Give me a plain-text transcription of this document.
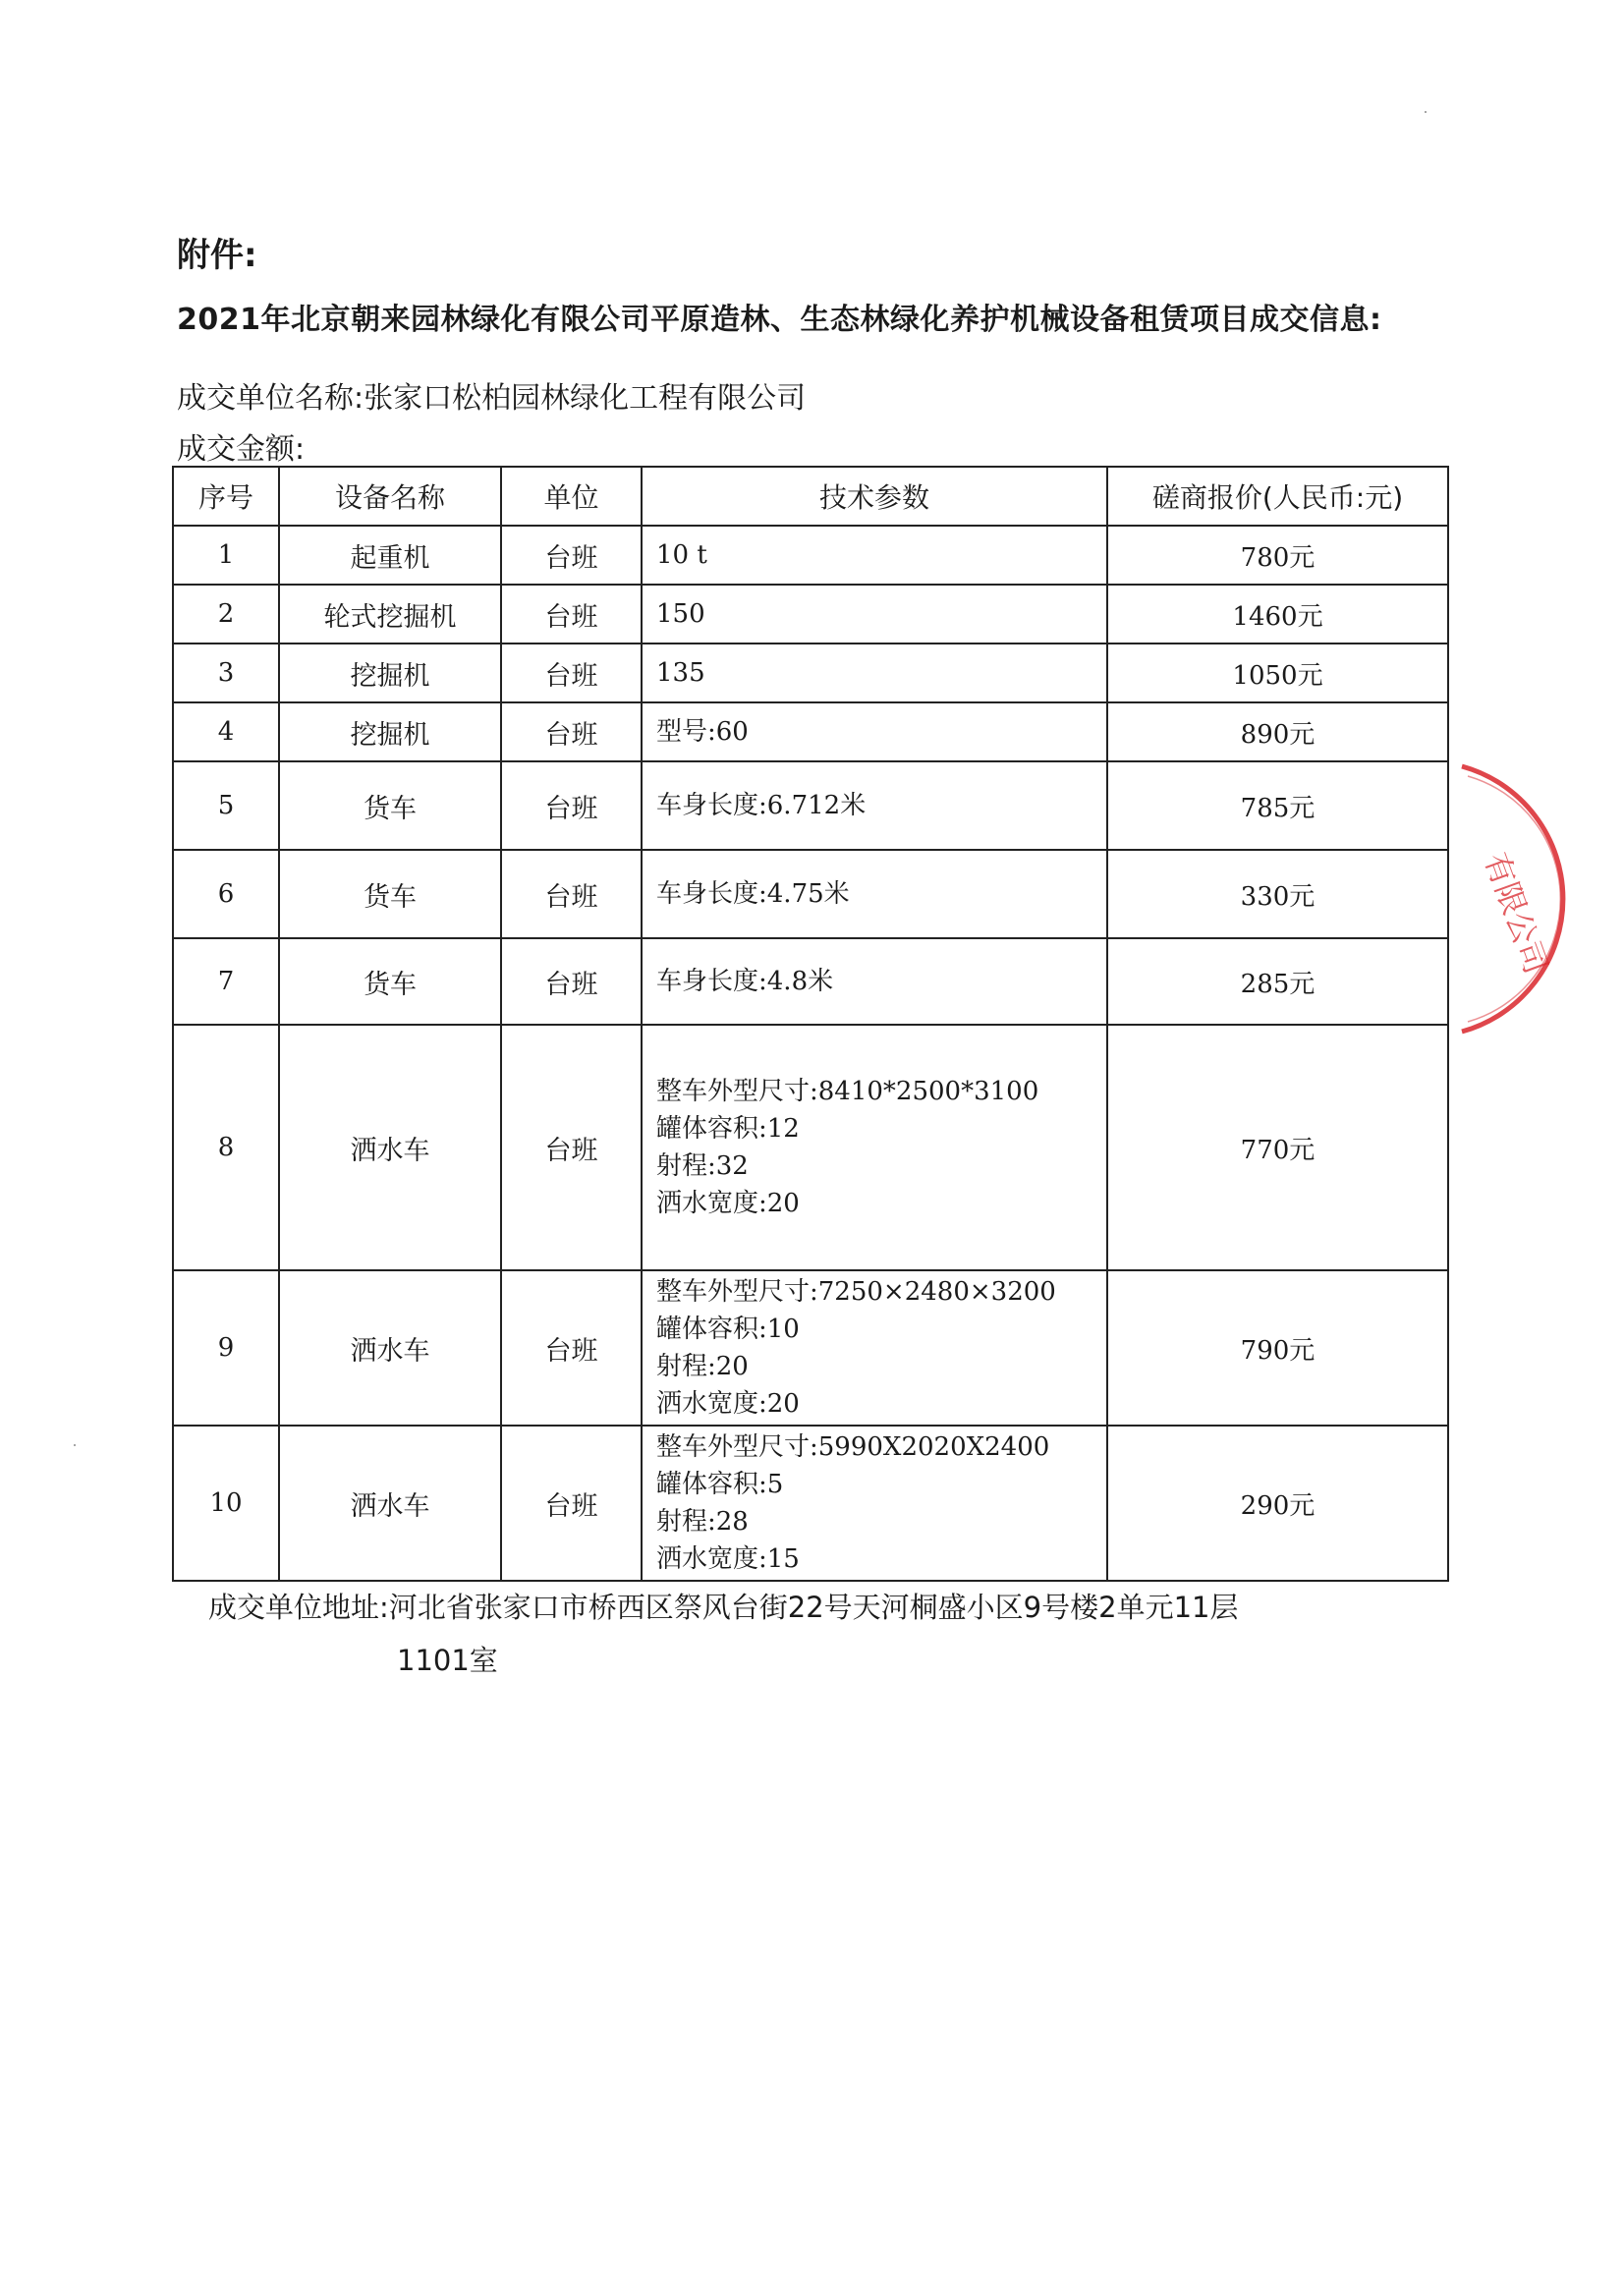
附件:
2021年北京朝来园林绿化有限公司平原造林、生态林绿化养护机械设备租赁项目成交信息:
成交单位名称:张家口松柏园林绿化工程有限公司
成交金额:
序号	设备名称	单位	技术参数	磋商报价(人民币:元)
1	起重机	台班	10 t	780元
2	轮式挖掘机	台班	150	1460元
3	挖掘机	台班	135	1050元
4	挖掘机	台班	型号:60	890元
5	货车	台班	车身长度:6.712米	785元
6	货车	台班	车身长度:4.75米	330元
7	货车	台班	车身长度:4.8米	285元
8	洒水车	台班	整车外型尺寸:8410*2500*3100
罐体容积:12
射程:32
洒水宽度:20	770元
9	洒水车	台班	整车外型尺寸:7250×2480×3200
罐体容积:10
射程:20
洒水宽度:20	790元
10	洒水车	台班	整车外型尺寸:5990X2020X2400
罐体容积:5
射程:28
洒水宽度:15	290元
成交单位地址:河北省张家口市桥西区祭风台街22号天河桐盛小区9号楼2单元11层
1101室
有限公司
